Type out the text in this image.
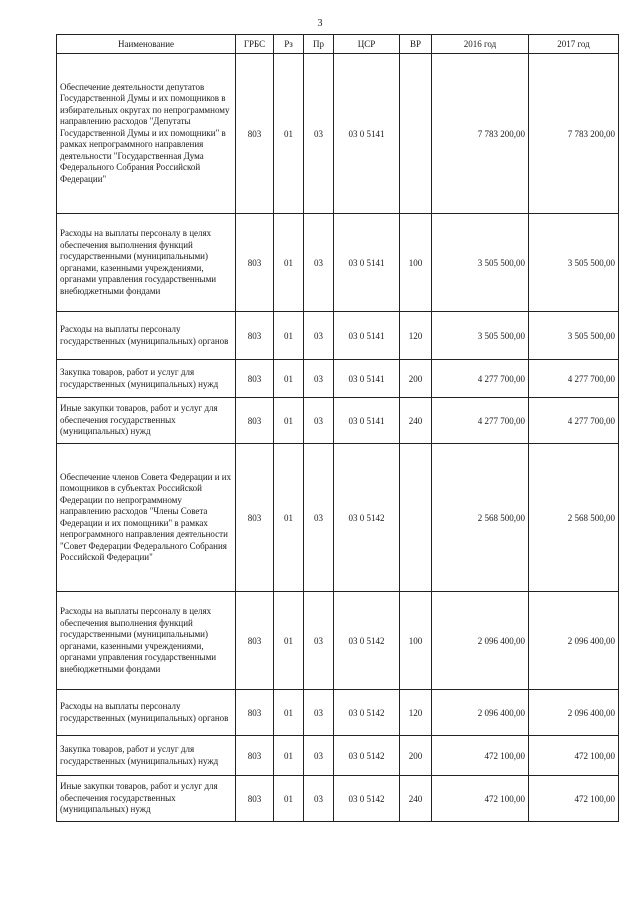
3
Наименование	ГРБС	Рз	Пр	ЦСР	ВР	2016 год	2017 год
Обеспечение деятельности депутатов Государственной Думы и их помощников в избирательных округах по непрограммному направлению расходов "Депутаты Государственной Думы и их помощники" в рамках непрограммного направления деятельности "Государственная Дума Федерального Собрания Российской Федерации"	803	01	03	03 0 5141		7 783 200,00	7 783 200,00
Расходы на выплаты персоналу в целях обеспечения выполнения функций государственными (муниципальными) органами, казенными учреждениями, органами управления государственными внебюджетными фондами	803	01	03	03 0 5141	100	3 505 500,00	3 505 500,00
Расходы на выплаты персоналу государственных (муниципальных) органов	803	01	03	03 0 5141	120	3 505 500,00	3 505 500,00
Закупка товаров, работ и услуг для государственных (муниципальных) нужд	803	01	03	03 0 5141	200	4 277 700,00	4 277 700,00
Иные закупки товаров, работ и услуг для обеспечения государственных (муниципальных) нужд	803	01	03	03 0 5141	240	4 277 700,00	4 277 700,00
Обеспечение членов Совета Федерации и их помощников в субъектах Российской Федерации по непрограммному направлению расходов "Члены Совета Федерации и их помощники" в рамках непрограммного направления деятельности "Совет Федерации Федерального Собрания Российской Федерации"	803	01	03	03 0 5142		2 568 500,00	2 568 500,00
Расходы на выплаты персоналу в целях обеспечения выполнения функций государственными (муниципальными) органами, казенными учреждениями, органами управления государственными внебюджетными фондами	803	01	03	03 0 5142	100	2 096 400,00	2 096 400,00
Расходы на выплаты персоналу государственных (муниципальных) органов	803	01	03	03 0 5142	120	2 096 400,00	2 096 400,00
Закупка товаров, работ и услуг для государственных (муниципальных) нужд	803	01	03	03 0 5142	200	472 100,00	472 100,00
Иные закупки товаров, работ и услуг для обеспечения государственных (муниципальных) нужд	803	01	03	03 0 5142	240	472 100,00	472 100,00
